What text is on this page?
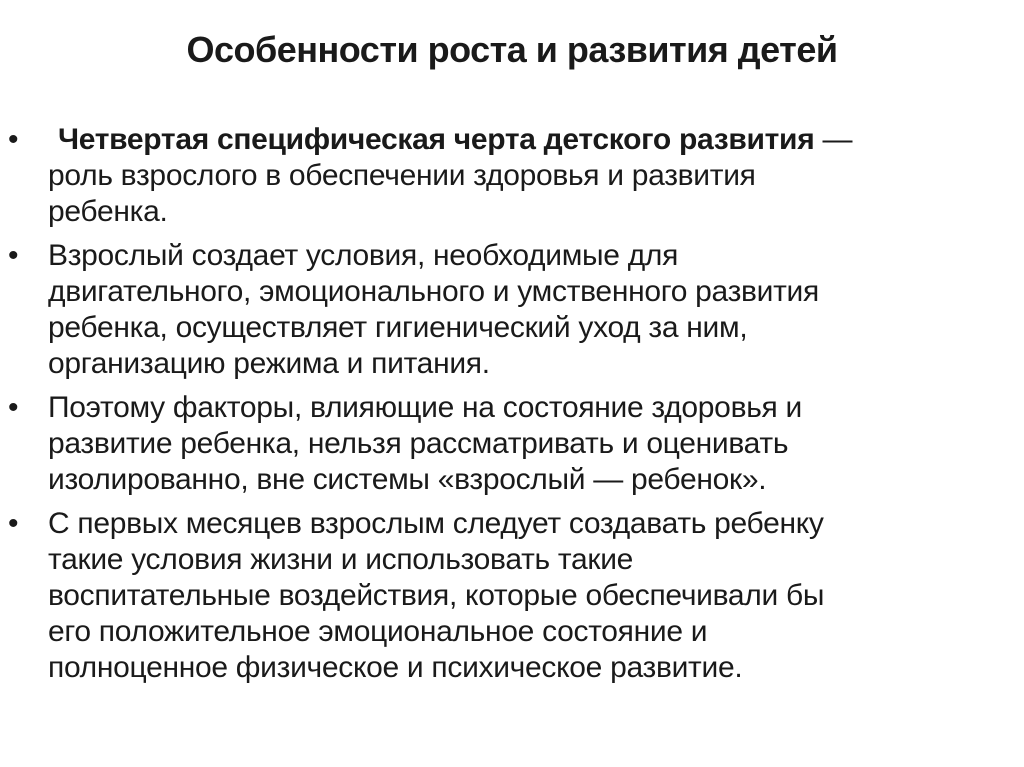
Особенности роста и развития детей
•	Четвертая специфическая черта детского развития —
роль взрослого в обеспечении здоровья и развития
ребенка.
• Взрослый создает условия, необходимые для
двигательного, эмоционального и умственного развития
ребенка, осуществляет гигиенический уход за ним,
организацию режима и питания.
• Поэтому факторы, влияющие на состояние здоровья и
развитие ребенка, нельзя рассматривать и оценивать
изолированно, вне системы «взрослый — ребенок».
• С первых месяцев взрослым следует создавать ребенку
такие условия жизни и использовать такие
воспитательные воздействия, которые обеспечивали бы
его положительное эмоциональное состояние и
полноценное физическое и психическое развитие.
